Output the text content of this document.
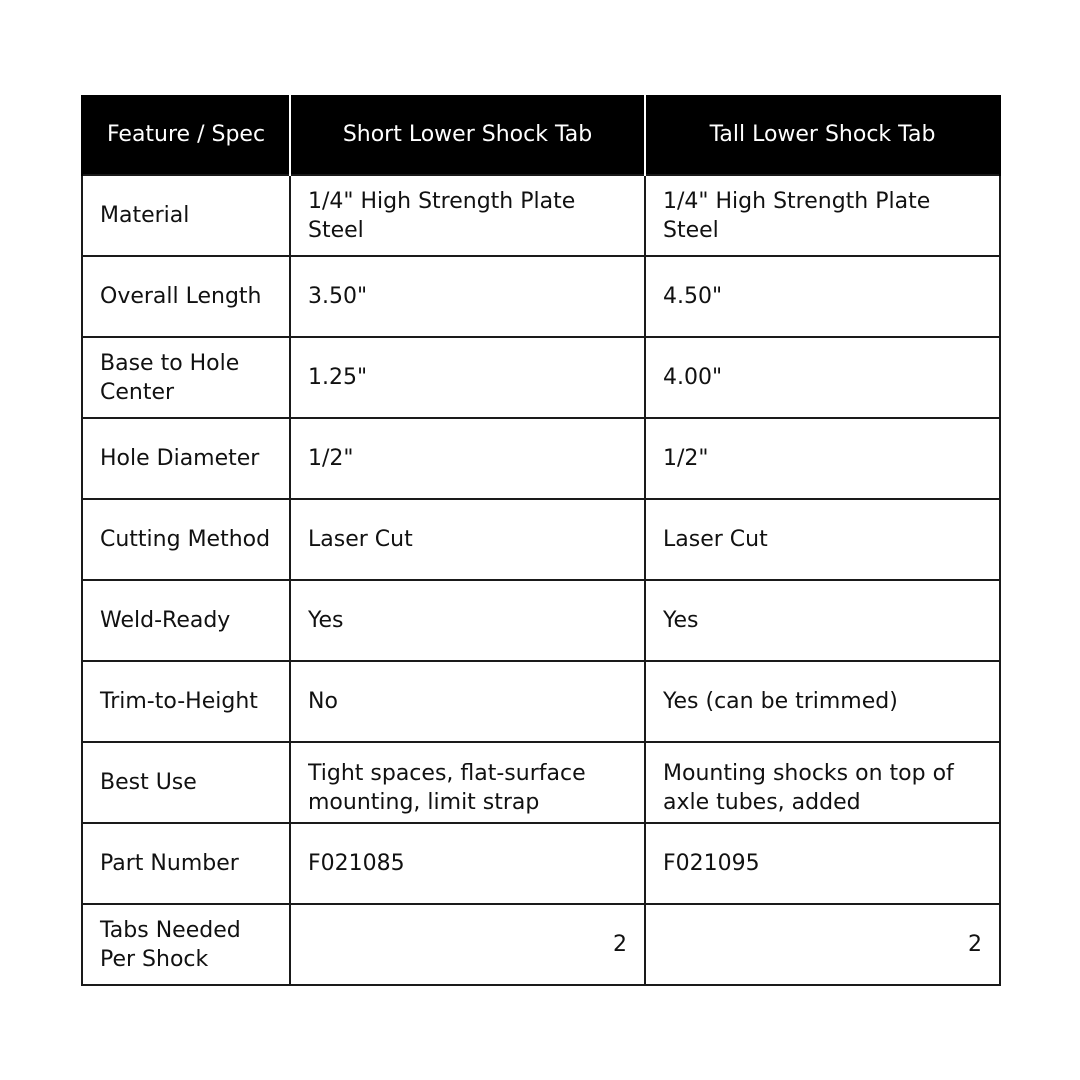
Feature / Spec	Short Lower Shock Tab	Tall Lower Shock Tab
Material	1/4" High Strength Plate Steel	1/4" High Strength Plate Steel
Overall Length	3.50"	4.50"
Base to Hole Center	1.25"	4.00"
Hole Diameter	1/2"	1/2"
Cutting Method	Laser Cut	Laser Cut
Weld-Ready	Yes	Yes
Trim-to-Height	No	Yes (can be trimmed)
Best Use	Tight spaces, flat-surface mounting, limit strap	Mounting shocks on top of axle tubes, added

Part Number	F021085	F021095
Tabs Needed Per Shock	2	2
